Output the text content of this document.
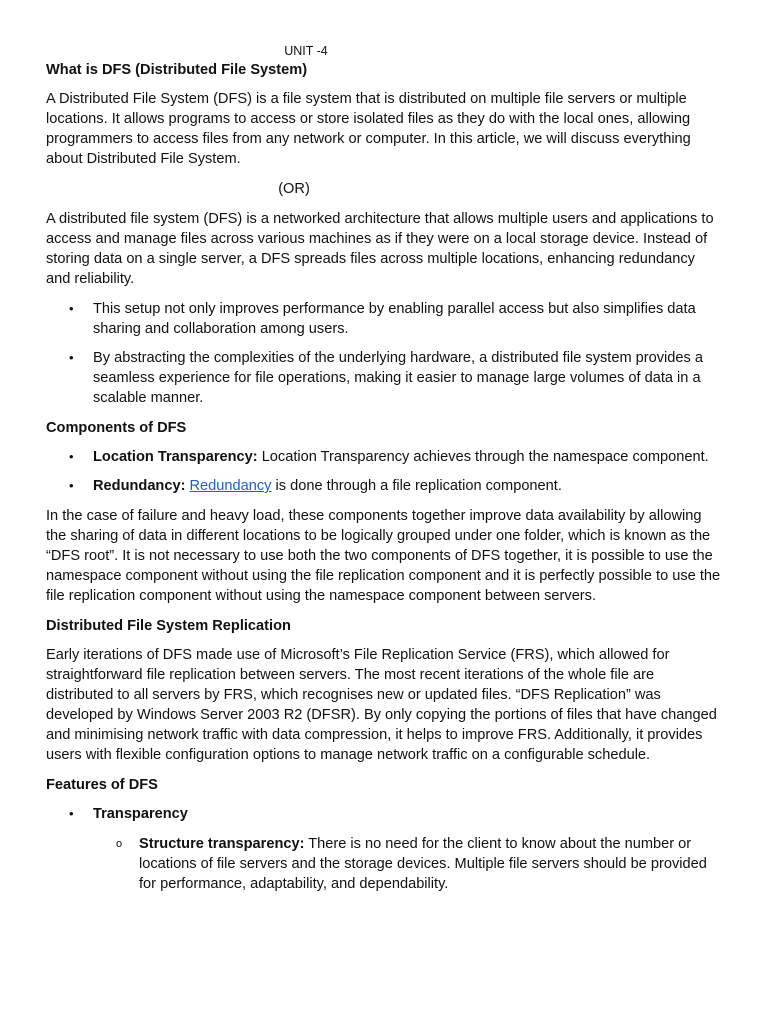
UNIT -4
What is DFS (Distributed File System)

A Distributed File System (DFS) is a file system that is distributed on multiple file servers or multiple locations. It allows programs to access or store isolated files as they do with the local ones, allowing programmers to access files from any network or computer. In this article, we will discuss everything about Distributed File System.

(OR)

A distributed file system (DFS) is a networked architecture that allows multiple users and applications to access and manage files across various machines as if they were on a local storage device. Instead of storing data on a single server, a DFS spreads files across multiple locations, enhancing redundancy and reliability.

• This setup not only improves performance by enabling parallel access but also simplifies data sharing and collaboration among users.
• By abstracting the complexities of the underlying hardware, a distributed file system provides a seamless experience for file operations, making it easier to manage large volumes of data in a scalable manner.
Components of DFS
• Location Transparency: Location Transparency achieves through the namespace component.
• Redundancy: Redundancy is done through a file replication component.

In the case of failure and heavy load, these components together improve data availability by allowing the sharing of data in different locations to be logically grouped under one folder, which is known as the “DFS root”. It is not necessary to use both the two components of DFS together, it is possible to use the namespace component without using the file replication component and it is perfectly possible to use the file replication component without using the namespace component between servers.

Distributed File System Replication

Early iterations of DFS made use of Microsoft’s File Replication Service (FRS), which allowed for straightforward file replication between servers. The most recent iterations of the whole file are distributed to all servers by FRS, which recognises new or updated files. “DFS Replication” was developed by Windows Server 2003 R2 (DFSR). By only copying the portions of files that have changed and minimising network traffic with data compression, it helps to improve FRS. Additionally, it provides users with flexible configuration options to manage network traffic on a configurable schedule.

Features of DFS
• Transparency
o Structure transparency: There is no need for the client to know about the number or locations of file servers and the storage devices. Multiple file servers should be provided for performance, adaptability, and dependability.
